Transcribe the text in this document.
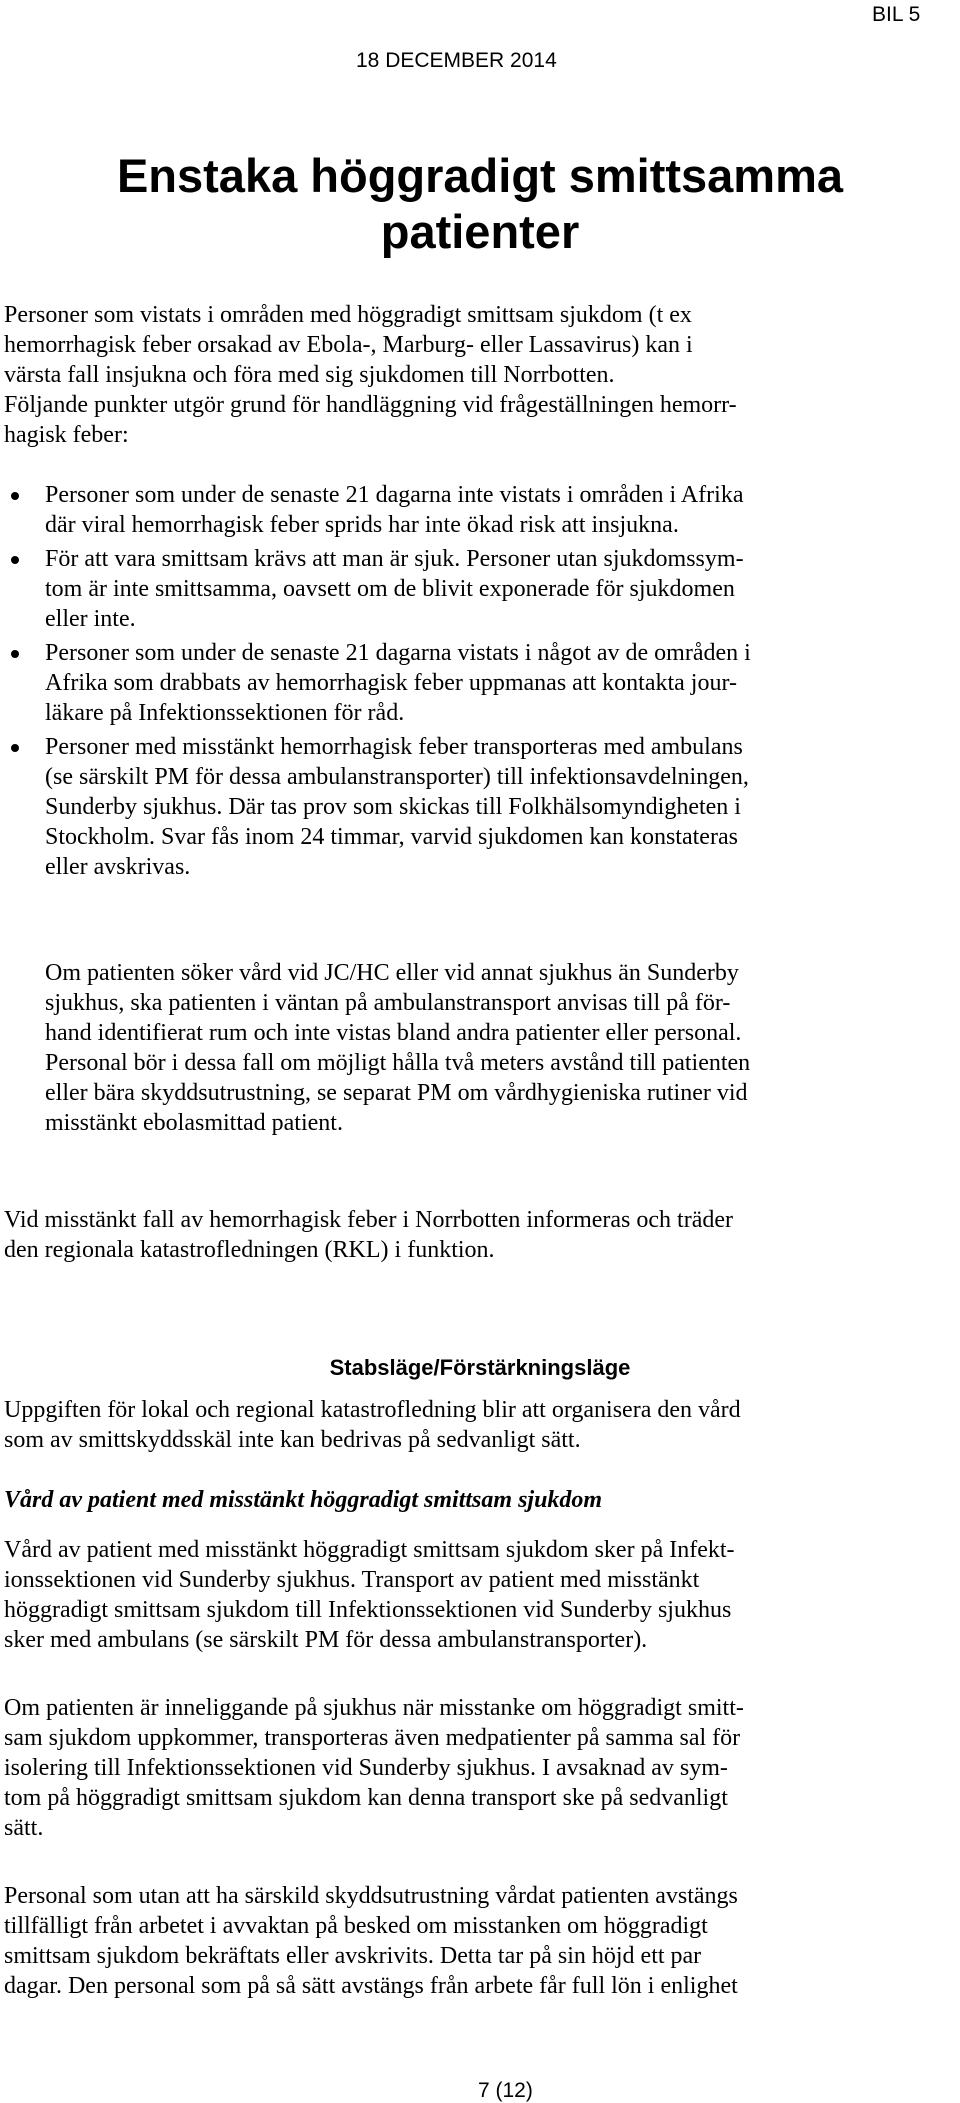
BIL 5
18 DECEMBER 2014
Enstaka höggradigt smittsamma
patienter

Personer som vistats i områden med höggradigt smittsam sjukdom (t ex
hemorrhagisk feber orsakad av Ebola-, Marburg- eller Lassavirus) kan i
värsta fall insjukna och föra med sig sjukdomen till Norrbotten.
Följande punkter utgör grund för handläggning vid frågeställningen hemorr-
hagisk feber:

Personer som under de senaste 21 dagarna inte vistats i områden i Afrika
där viral hemorrhagisk feber sprids har inte ökad risk att insjukna.
För att vara smittsam krävs att man är sjuk. Personer utan sjukdomssym-
tom är inte smittsamma, oavsett om de blivit exponerade för sjukdomen
eller inte.
Personer som under de senaste 21 dagarna vistats i något av de områden i
Afrika som drabbats av hemorrhagisk feber uppmanas att kontakta jour-
läkare på Infektionssektionen för råd.
Personer med misstänkt hemorrhagisk feber transporteras med ambulans
(se särskilt PM för dessa ambulanstransporter) till infektionsavdelningen,
Sunderby sjukhus. Där tas prov som skickas till Folkhälsomyndigheten i
Stockholm. Svar fås inom 24 timmar, varvid sjukdomen kan konstateras
eller avskrivas.

Om patienten söker vård vid JC/HC eller vid annat sjukhus än Sunderby
sjukhus, ska patienten i väntan på ambulanstransport anvisas till på för-
hand identifierat rum och inte vistas bland andra patienter eller personal.
Personal bör i dessa fall om möjligt hålla två meters avstånd till patienten
eller bära skyddsutrustning, se separat PM om vårdhygieniska rutiner vid
misstänkt ebolasmittad patient.

Vid misstänkt fall av hemorrhagisk feber i Norrbotten informeras och träder
den regionala katastrofledningen (RKL) i funktion.

Stabsläge/Förstärkningsläge

Uppgiften för lokal och regional katastrofledning blir att organisera den vård
som av smittskyddsskäl inte kan bedrivas på sedvanligt sätt.

Vård av patient med misstänkt höggradigt smittsam sjukdom

Vård av patient med misstänkt höggradigt smittsam sjukdom sker på Infekt-
ionssektionen vid Sunderby sjukhus. Transport av patient med misstänkt
höggradigt smittsam sjukdom till Infektionssektionen vid Sunderby sjukhus
sker med ambulans (se särskilt PM för dessa ambulanstransporter).

Om patienten är inneliggande på sjukhus när misstanke om höggradigt smitt-
sam sjukdom uppkommer, transporteras även medpatienter på samma sal för
isolering till Infektionssektionen vid Sunderby sjukhus. I avsaknad av sym-
tom på höggradigt smittsam sjukdom kan denna transport ske på sedvanligt
sätt.

Personal som utan att ha särskild skyddsutrustning vårdat patienten avstängs
tillfälligt från arbetet i avvaktan på besked om misstanken om höggradigt
smittsam sjukdom bekräftats eller avskrivits. Detta tar på sin höjd ett par
dagar. Den personal som på så sätt avstängs från arbete får full lön i enlighet

7 (12)
